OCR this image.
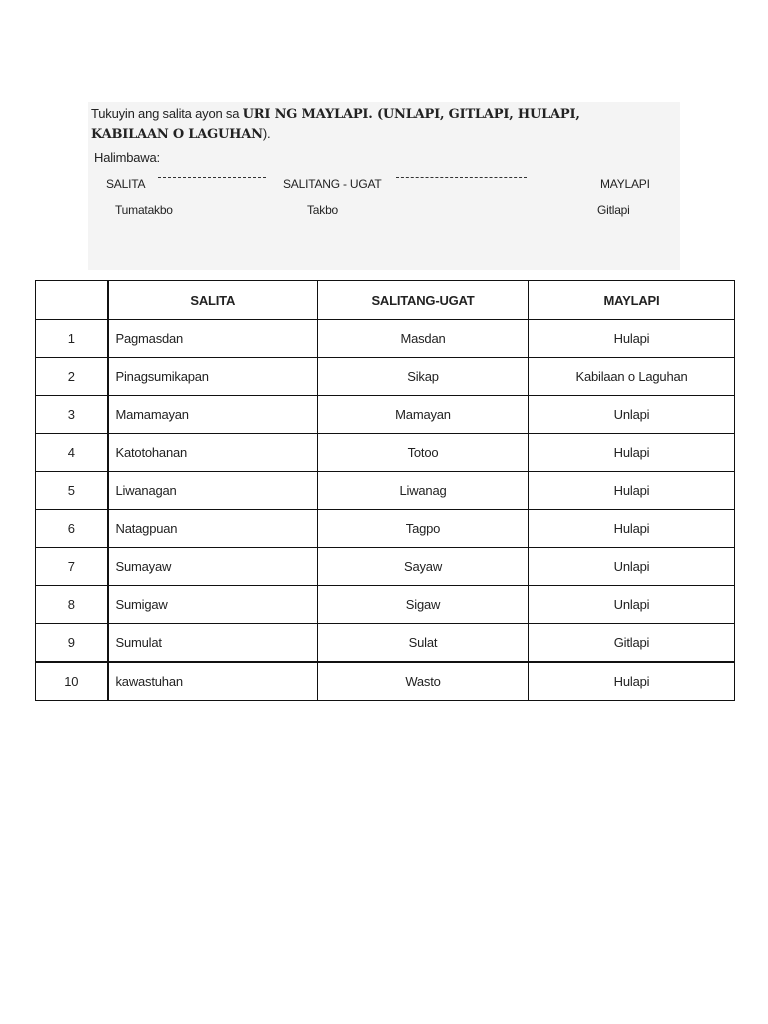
Tukuyin ang salita ayon sa URI NG MAYLAPI. (UNLAPI, GITLAPI, HULAPI, KABILAAN O LAGUHAN).
Halimbawa:
SALITA	SALITANG - UGAT	MAYLAPI
Tumatakbo	Takbo	Gitlapi
	SALITA	SALITANG-UGAT	MAYLAPI
1	Pagmasdan	Masdan	Hulapi
2	Pinagsumikapan	Sikap	Kabilaan o Laguhan
3	Mamamayan	Mamayan	Unlapi
4	Katotohanan	Totoo	Hulapi
5	Liwanagan	Liwanag	Hulapi
6	Natagpuan	Tagpo	Hulapi
7	Sumayaw	Sayaw	Unlapi
8	Sumigaw	Sigaw	Unlapi
9	Sumulat	Sulat	Gitlapi
10	kawastuhan	Wasto	Hulapi
